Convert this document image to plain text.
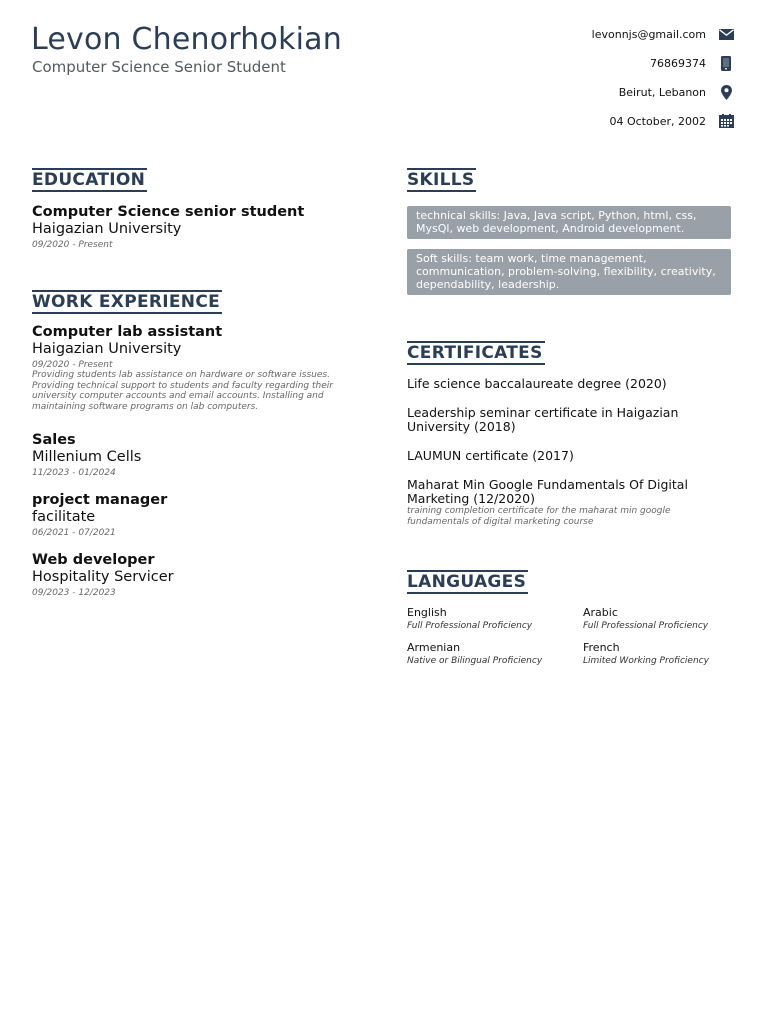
Levon Chenorhokian
Computer Science Senior Student
levonnjs@gmail.com
76869374
Beirut, Lebanon
04 October, 2002
EDUCATION
Computer Science senior student
Haigazian University
09/2020 - Present
WORK EXPERIENCE
Computer lab assistant
Haigazian University
09/2020 - Present
Providing students lab assistance on hardware or software issues. Providing technical support to students and faculty regarding their university computer accounts and email accounts. Installing and maintaining software programs on lab computers.
Sales
Millenium Cells
11/2023 - 01/2024
project manager
facilitate
06/2021 - 07/2021
Web developer
Hospitality Servicer
09/2023 - 12/2023
SKILLS
technical skills: Java, Java script, Python, html, css, MysQl, web development, Android development.
Soft skills: team work, time management, communication, problem-solving, flexibility, creativity, dependability, leadership.
CERTIFICATES
Life science baccalaureate degree (2020)
Leadership seminar certificate in Haigazian University (2018)
LAUMUN certificate (2017)
Maharat Min Google Fundamentals Of Digital Marketing (12/2020)
training completion certificate for the maharat min google fundamentals of digital marketing course
LANGUAGES
English
Full Professional Proficiency
Arabic
Full Professional Proficiency
Armenian
Native or Bilingual Proficiency
French
Limited Working Proficiency
